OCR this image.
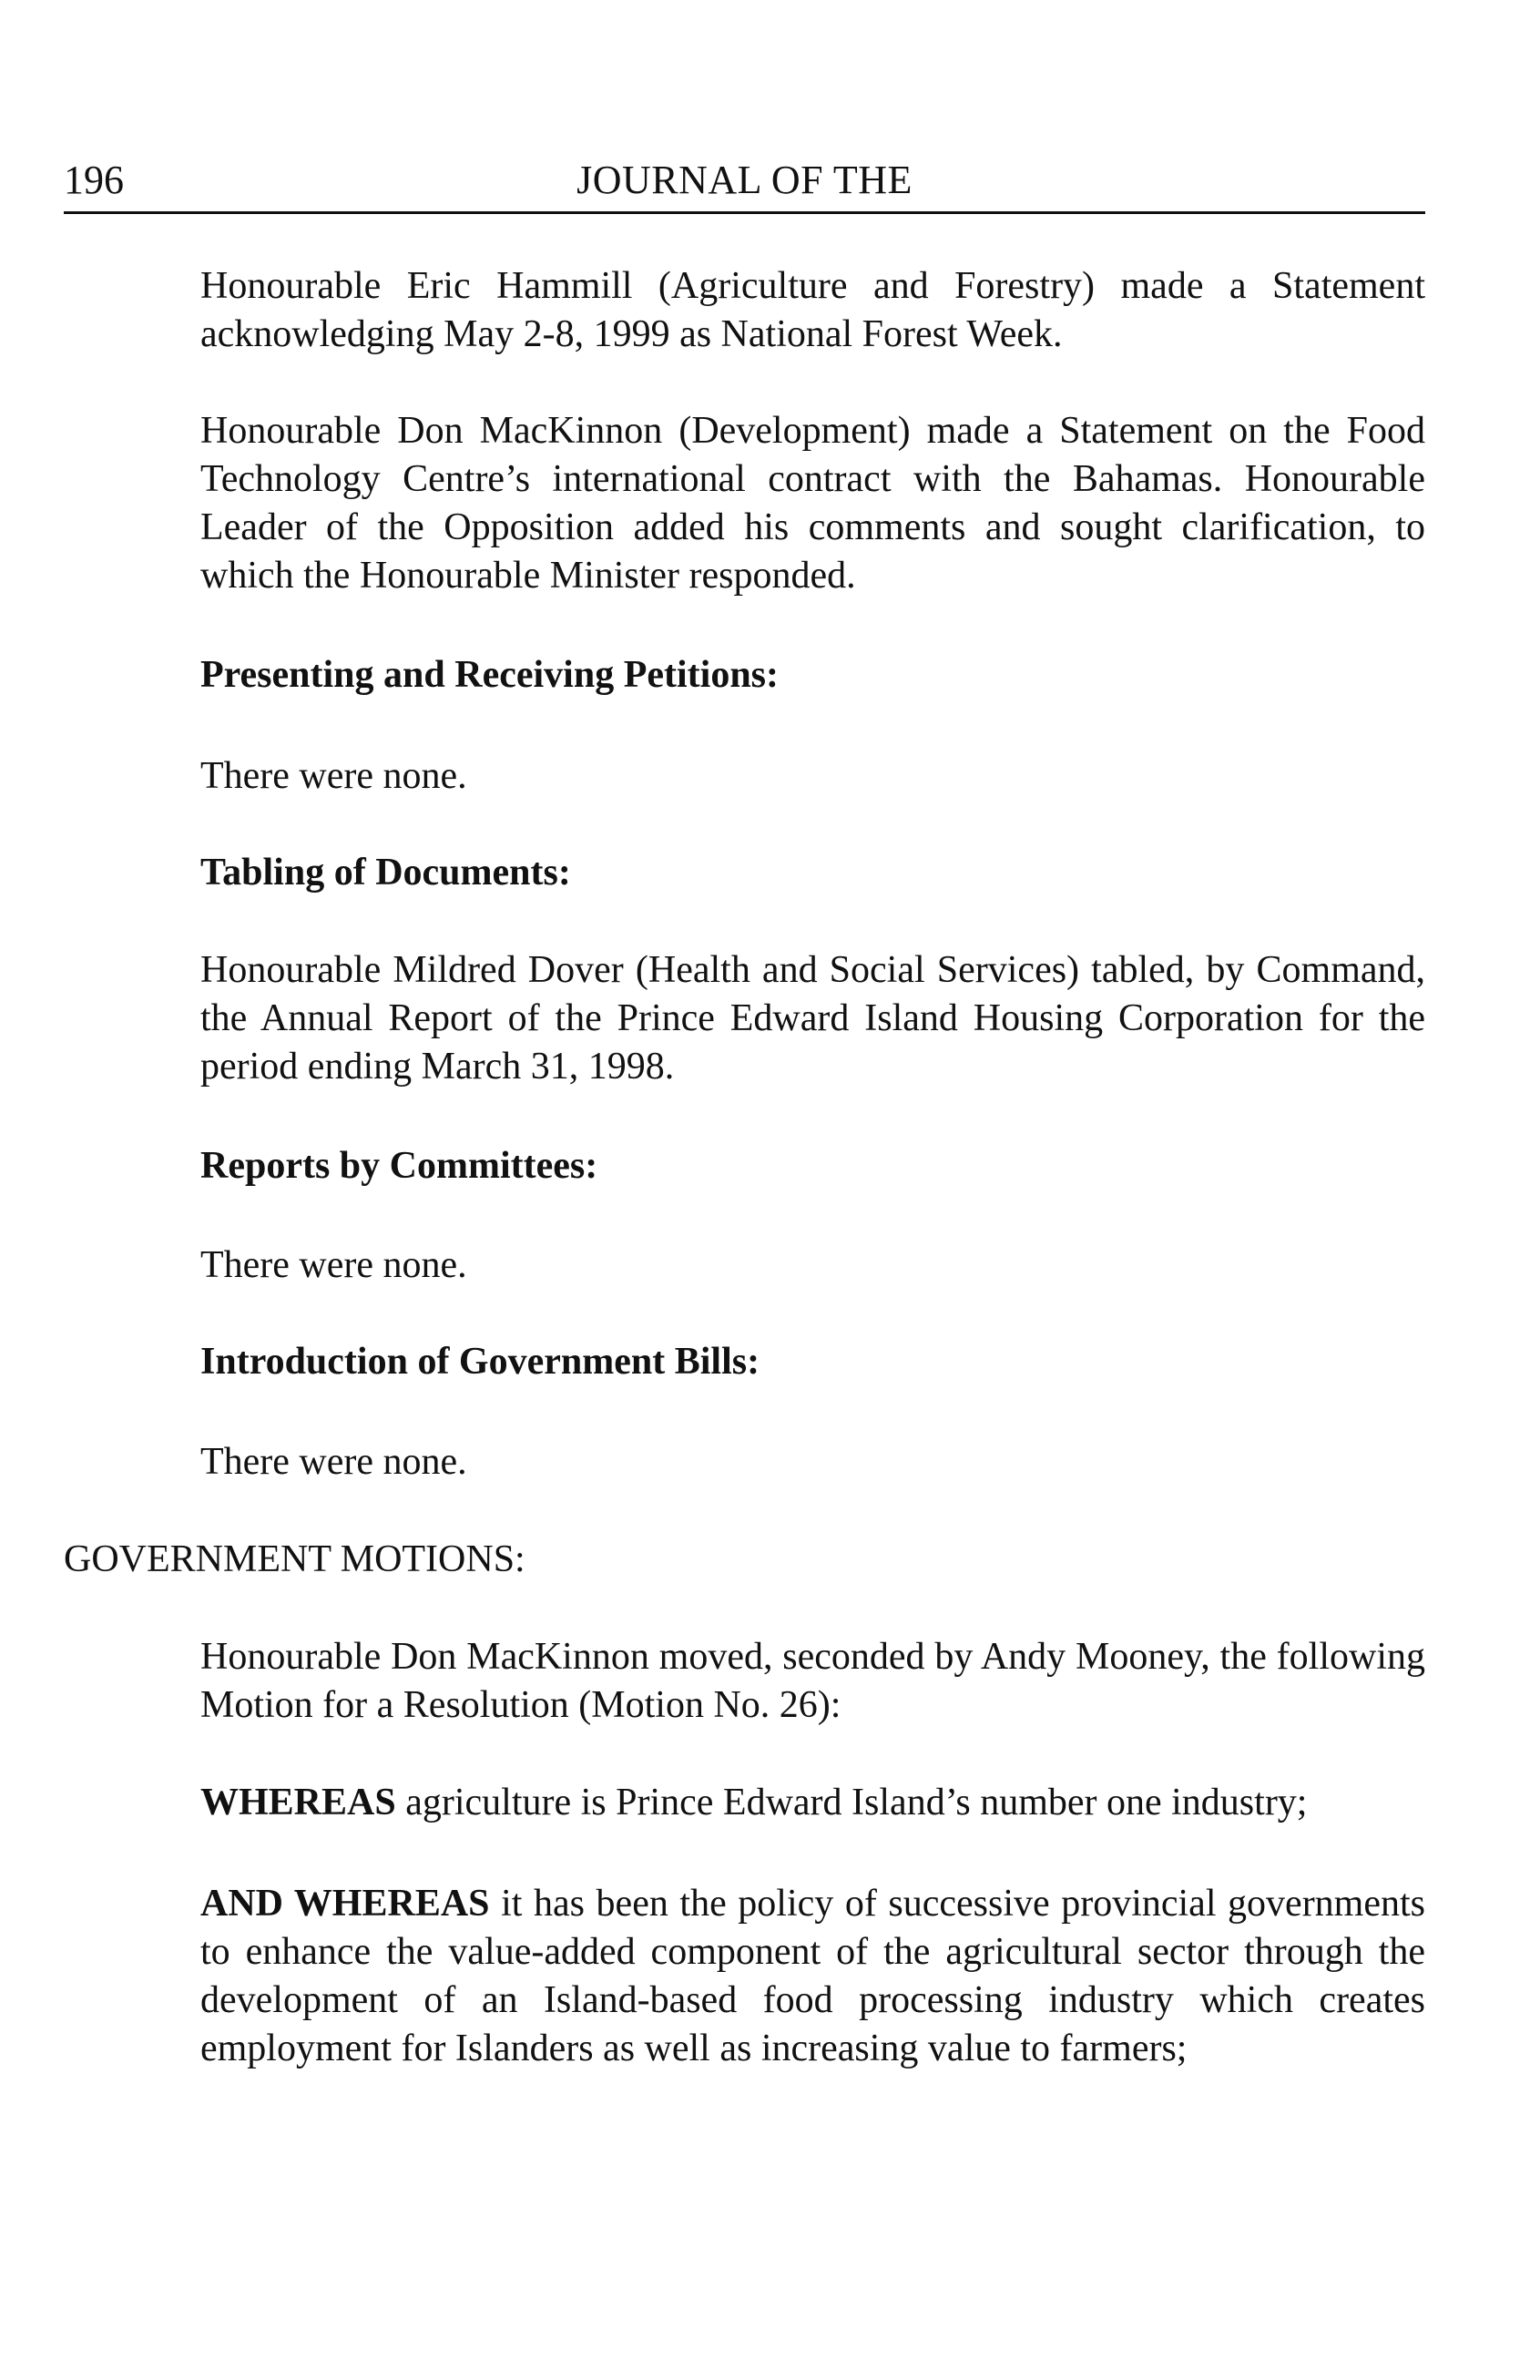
196	JOURNAL OF THE

Honourable Eric Hammill (Agriculture and Forestry) made a Statement acknowledging May 2-8, 1999 as National Forest Week.

Honourable Don MacKinnon (Development) made a Statement on the Food Technology Centre’s international contract with the Bahamas. Honourable Leader of the Opposition added his comments and sought clarification, to which the Honourable Minister responded.

Presenting and Receiving Petitions:

There were none.

Tabling of Documents:

Honourable Mildred Dover (Health and Social Services) tabled, by Command, the Annual Report of the Prince Edward Island Housing Corporation for the period ending March 31, 1998.

Reports by Committees:

There were none.

Introduction of Government Bills:

There were none.

GOVERNMENT MOTIONS:

Honourable Don MacKinnon moved, seconded by Andy Mooney, the following Motion for a Resolution (Motion No. 26):

WHEREAS agriculture is Prince Edward Island’s number one industry;

AND WHEREAS it has been the policy of successive provincial governments to enhance the value-added component of the agricultural sector through the development of an Island-based food processing industry which creates employment for Islanders as well as increasing value to farmers;
